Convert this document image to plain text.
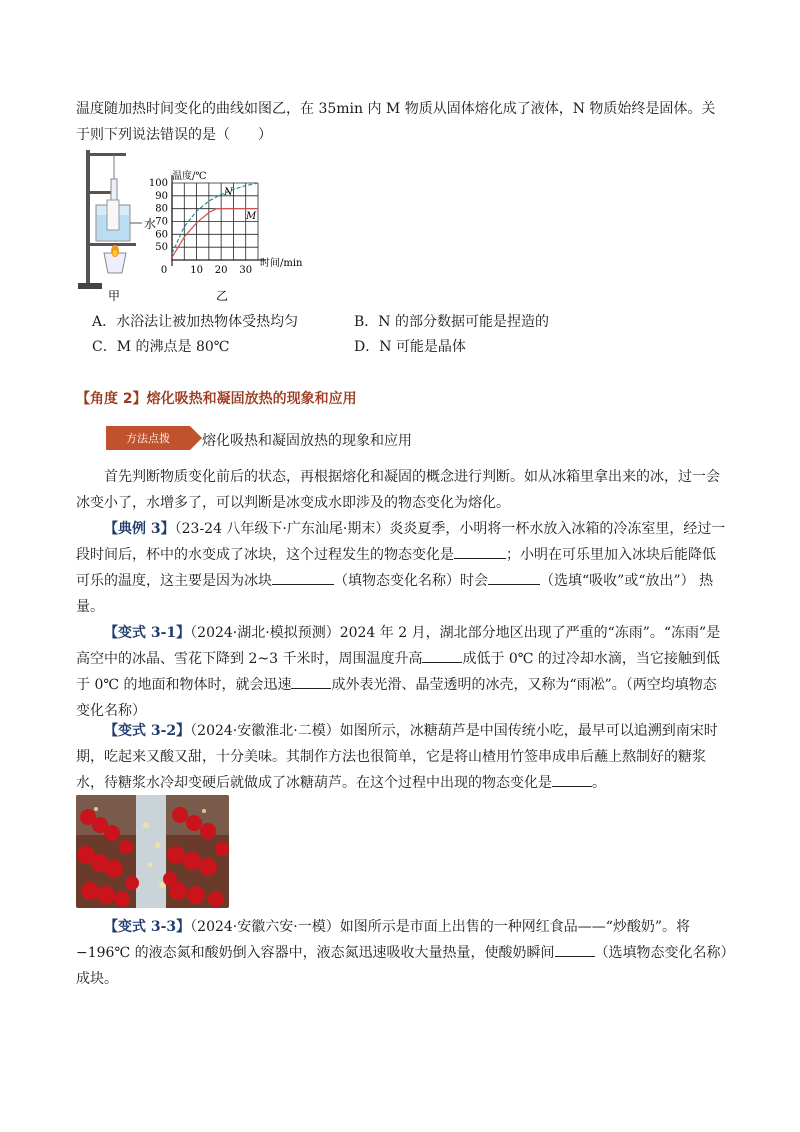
温度随加热时间变化的曲线如图乙，在 35min 内 M 物质从固体熔化成了液体，N 物质始终是固体。关于则下列说法错误的是（　　）

水
甲
50
60
70
80
90
100
0 10 20 30
温度/℃
时间/min
N
M
乙
A．水浴法让被加热物体受热均匀	B．N 的部分数据可能是捏造的
C．M 的沸点是 80℃	D．N 可能是晶体
【角度 2】熔化吸热和凝固放热的现象和应用
方法点拨 熔化吸热和凝固放热的现象和应用

首先判断物质变化前后的状态，再根据熔化和凝固的概念进行判断。如从冰箱里拿出来的冰，过一会冰变小了，水增多了，可以判断是冰变成水即涉及的物态变化为熔化。

【典例 3】（23-24 八年级下·广东汕尾·期末）炎炎夏季，小明将一杯水放入冰箱的冷冻室里，经过一段时间后，杯中的水变成了冰块，这个过程发生的物态变化是	；小明在可乐里加入冰块后能降低可乐的温度，这主要是因为冰块	（填物态变化名称）时会	（选填“吸收”或“放出”） 热量。

【变式 3-1】（2024·湖北·模拟预测）2024 年 2 月，湖北部分地区出现了严重的“冻雨”。“冻雨”是高空中的冰晶、雪花下降到 2~3 千米时，周围温度升高	成低于 0℃ 的过冷却水滴，当它接触到低于 0℃ 的地面和物体时，就会迅速	成外表光滑、晶莹透明的冰壳，又称为“雨凇”。（两空均填物态变化名称）

【变式 3-2】（2024·安徽淮北·二模）如图所示，冰糖葫芦是中国传统小吃，最早可以追溯到南宋时期，吃起来又酸又甜，十分美味。其制作方法也很简单，它是将山楂用竹签串成串后蘸上熬制好的糖浆水，待糖浆水冷却变硬后就做成了冰糖葫芦。在这个过程中出现的物态变化是	。

【变式 3-3】（2024·安徽六安·一模）如图所示是市面上出售的一种网红食品——“炒酸奶”。将 −196℃ 的液态氮和酸奶倒入容器中，液态氮迅速吸收大量热量，使酸奶瞬间	（选填物态变化名称）成块。
